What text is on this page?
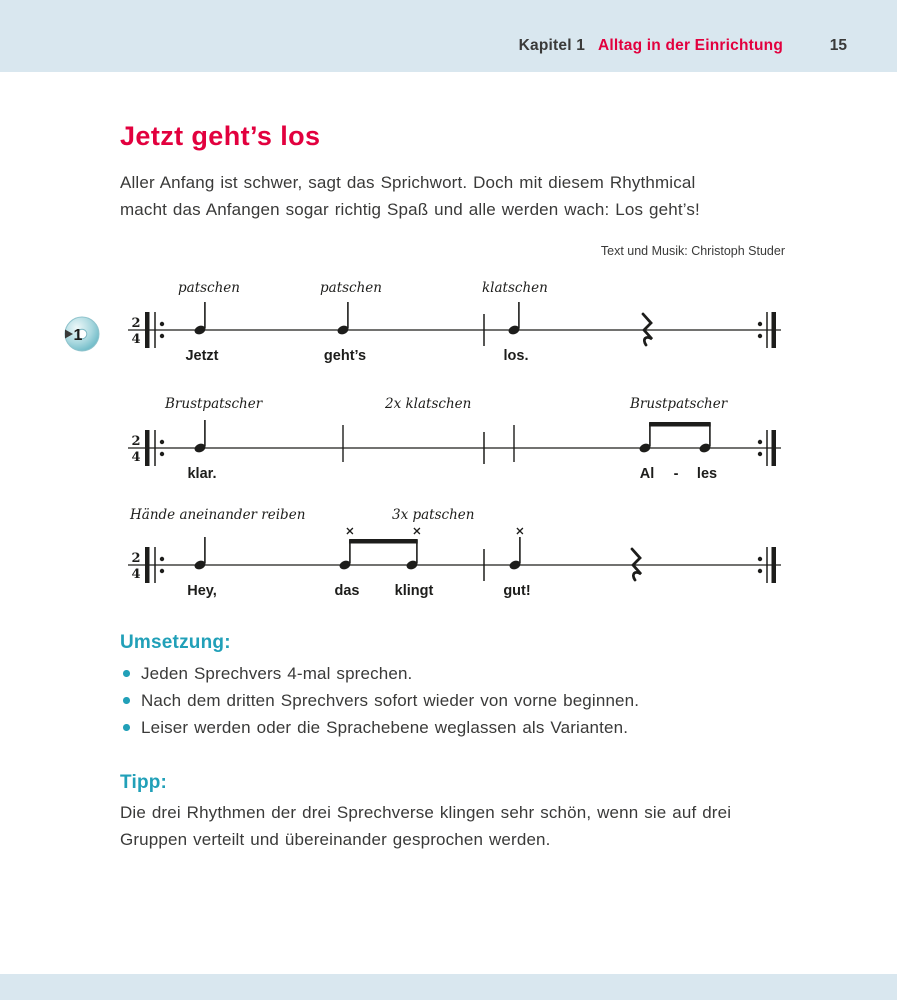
Kapitel 1 Alltag in der Einrichtung	15
Jetzt geht’s los
Aller Anfang ist schwer, sagt das Sprichwort. Doch mit diesem Rhythmical
macht das Anfangen sogar richtig Spaß und alle werden wach: Los geht’s!
Text und Musik: Christoph Studer
1
patschen	patschen	klatschen
2
4
Jetzt	geht’s	los.
Brustpatscher	2x klatschen	Brustpatscher
2
4
klar.	Al - les
Hände aneinander reiben	3x patschen
2
4
Hey,	das klingt	gut!
Umsetzung:
Jeden Sprechvers 4-mal sprechen.
Nach dem dritten Sprechvers sofort wieder von vorne beginnen.
Leiser werden oder die Sprachebene weglassen als Varianten.
Tipp:
Die drei Rhythmen der drei Sprechverse klingen sehr schön, wenn sie auf drei
Gruppen verteilt und übereinander gesprochen werden.
